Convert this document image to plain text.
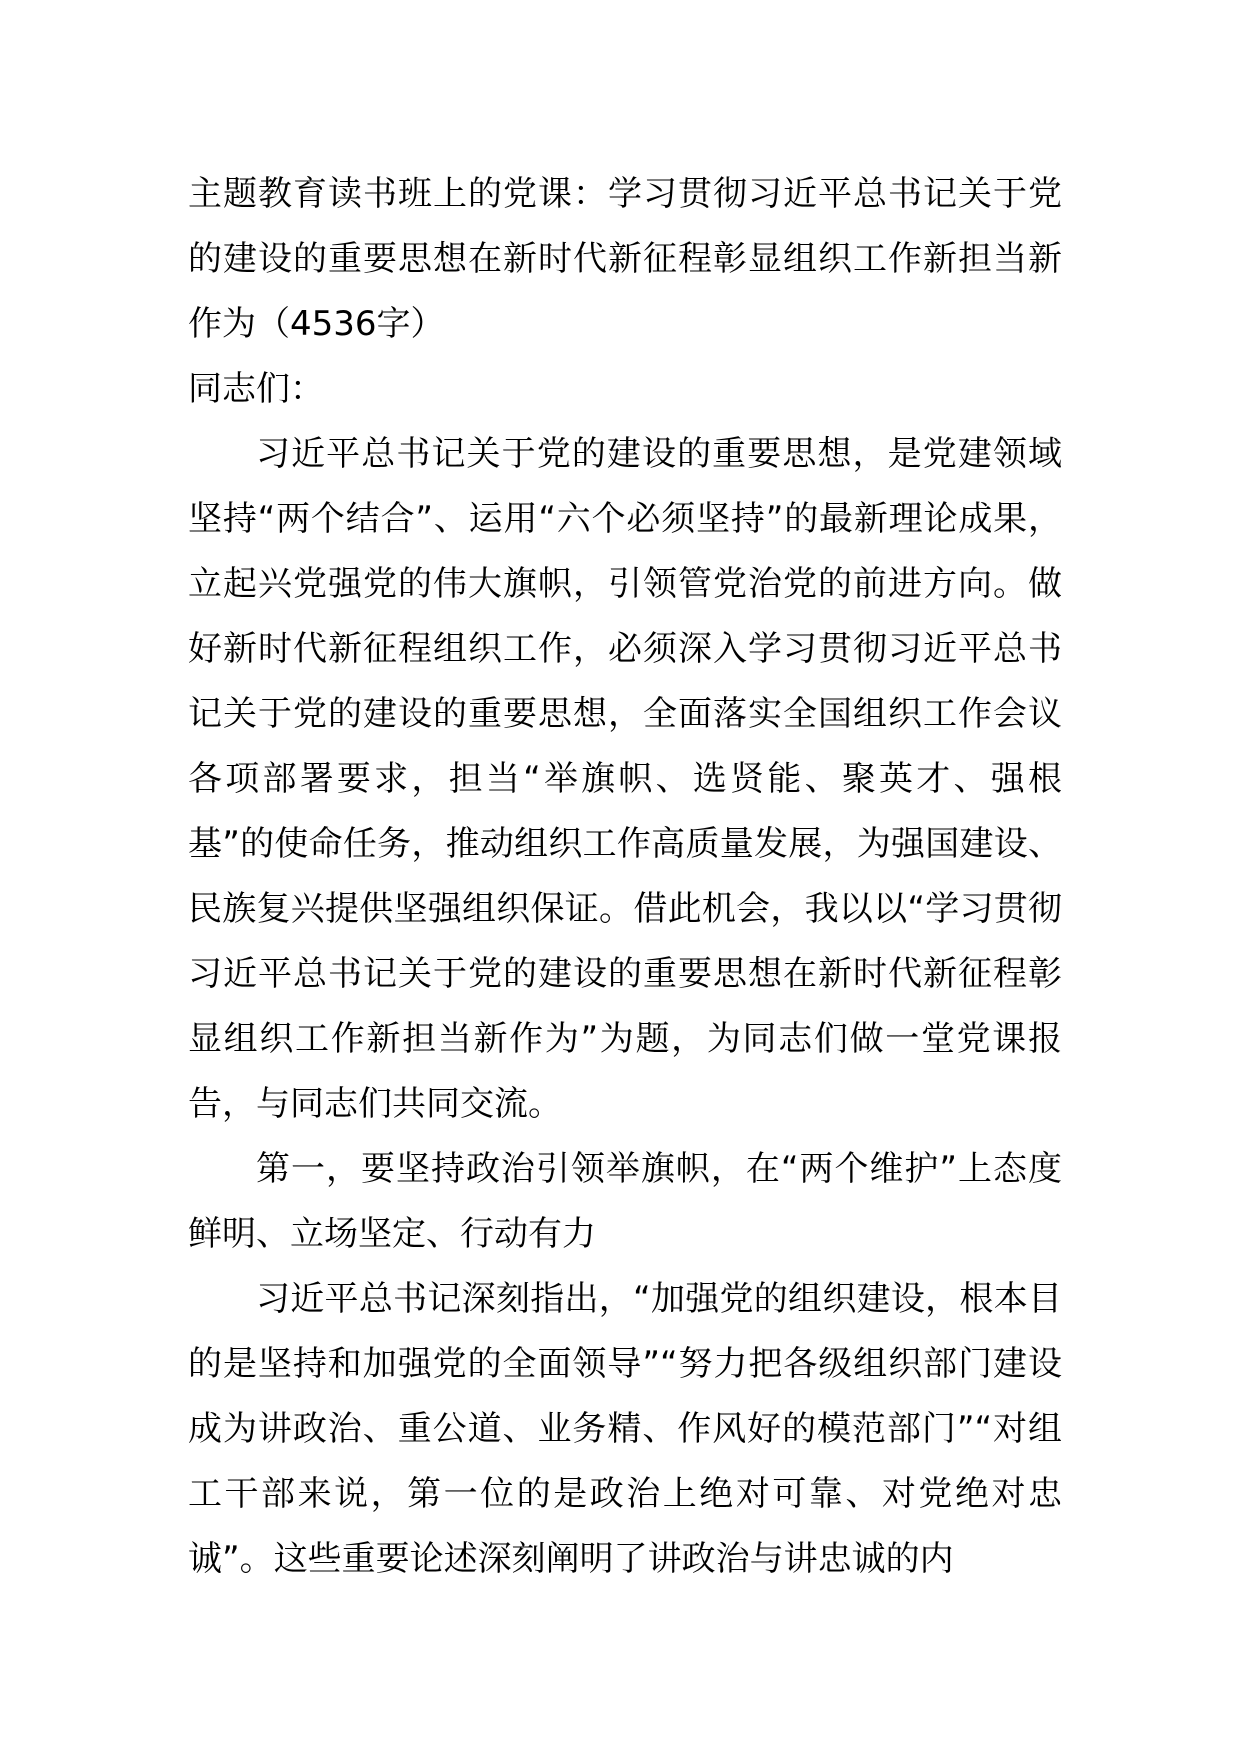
主题教育读书班上的党课：学习贯彻习近平总书记关于党的建设的重要思想在新时代新征程彰显组织工作新担当新作为（4536字）

同志们：

习近平总书记关于党的建设的重要思想，是党建领域坚持“两个结合”、运用“六个必须坚持”的最新理论成果，立起兴党强党的伟大旗帜，引领管党治党的前进方向。做好新时代新征程组织工作，必须深入学习贯彻习近平总书记关于党的建设的重要思想，全面落实全国组织工作会议各项部署要求，担当“举旗帜、选贤能、聚英才、强根基”的使命任务，推动组织工作高质量发展，为强国建设、民族复兴提供坚强组织保证。借此机会，我以以“学习贯彻习近平总书记关于党的建设的重要思想在新时代新征程彰显组织工作新担当新作为”为题，为同志们做一堂党课报告，与同志们共同交流。

第一，要坚持政治引领举旗帜，在“两个维护”上态度鲜明、立场坚定、行动有力

习近平总书记深刻指出，“加强党的组织建设，根本目的是坚持和加强党的全面领导”“努力把各级组织部门建设成为讲政治、重公道、业务精、作风好的模范部门”“对组工干部来说，第一位的是政治上绝对可靠、对党绝对忠诚”。这些重要论述深刻阐明了讲政治与讲忠诚的内
